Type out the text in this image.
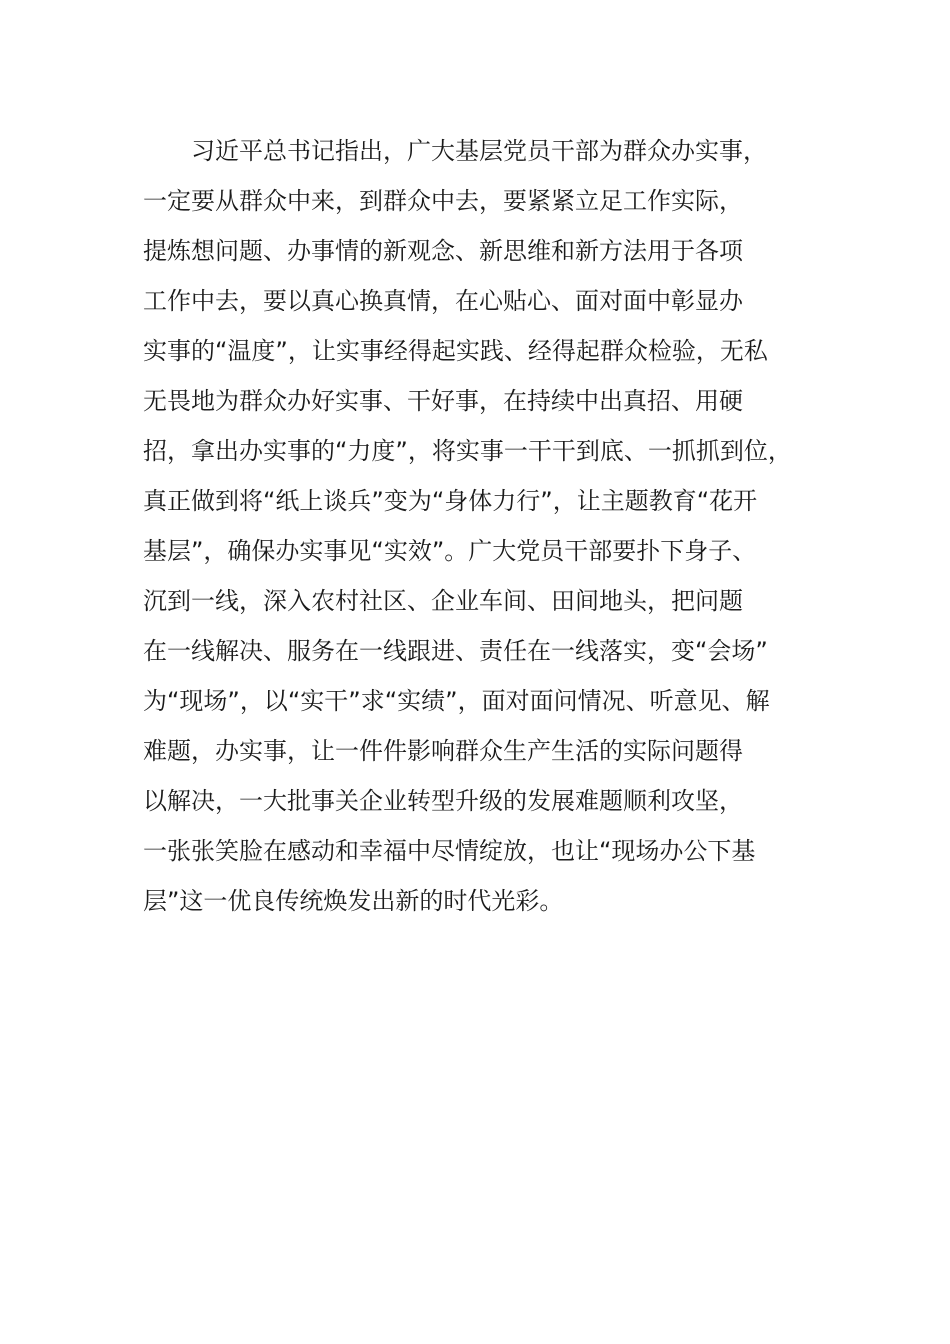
　　习近平总书记指出，广大基层党员干部为群众办实事，
一定要从群众中来，到群众中去，要紧紧立足工作实际，
提炼想问题、办事情的新观念、新思维和新方法用于各项
工作中去，要以真心换真情，在心贴心、面对面中彰显办
实事的“温度”，让实事经得起实践、经得起群众检验，无私
无畏地为群众办好实事、干好事，在持续中出真招、用硬
招，拿出办实事的“力度”，将实事一干干到底、一抓抓到位，
真正做到将“纸上谈兵”变为“身体力行”，让主题教育“花开
基层”，确保办实事见“实效”。广大党员干部要扑下身子、
沉到一线，深入农村社区、企业车间、田间地头，把问题
在一线解决、服务在一线跟进、责任在一线落实，变“会场”
为“现场”，以“实干”求“实绩”，面对面问情况、听意见、解
难题，办实事，让一件件影响群众生产生活的实际问题得
以解决，一大批事关企业转型升级的发展难题顺利攻坚，
一张张笑脸在感动和幸福中尽情绽放，也让“现场办公下基
层”这一优良传统焕发出新的时代光彩。
